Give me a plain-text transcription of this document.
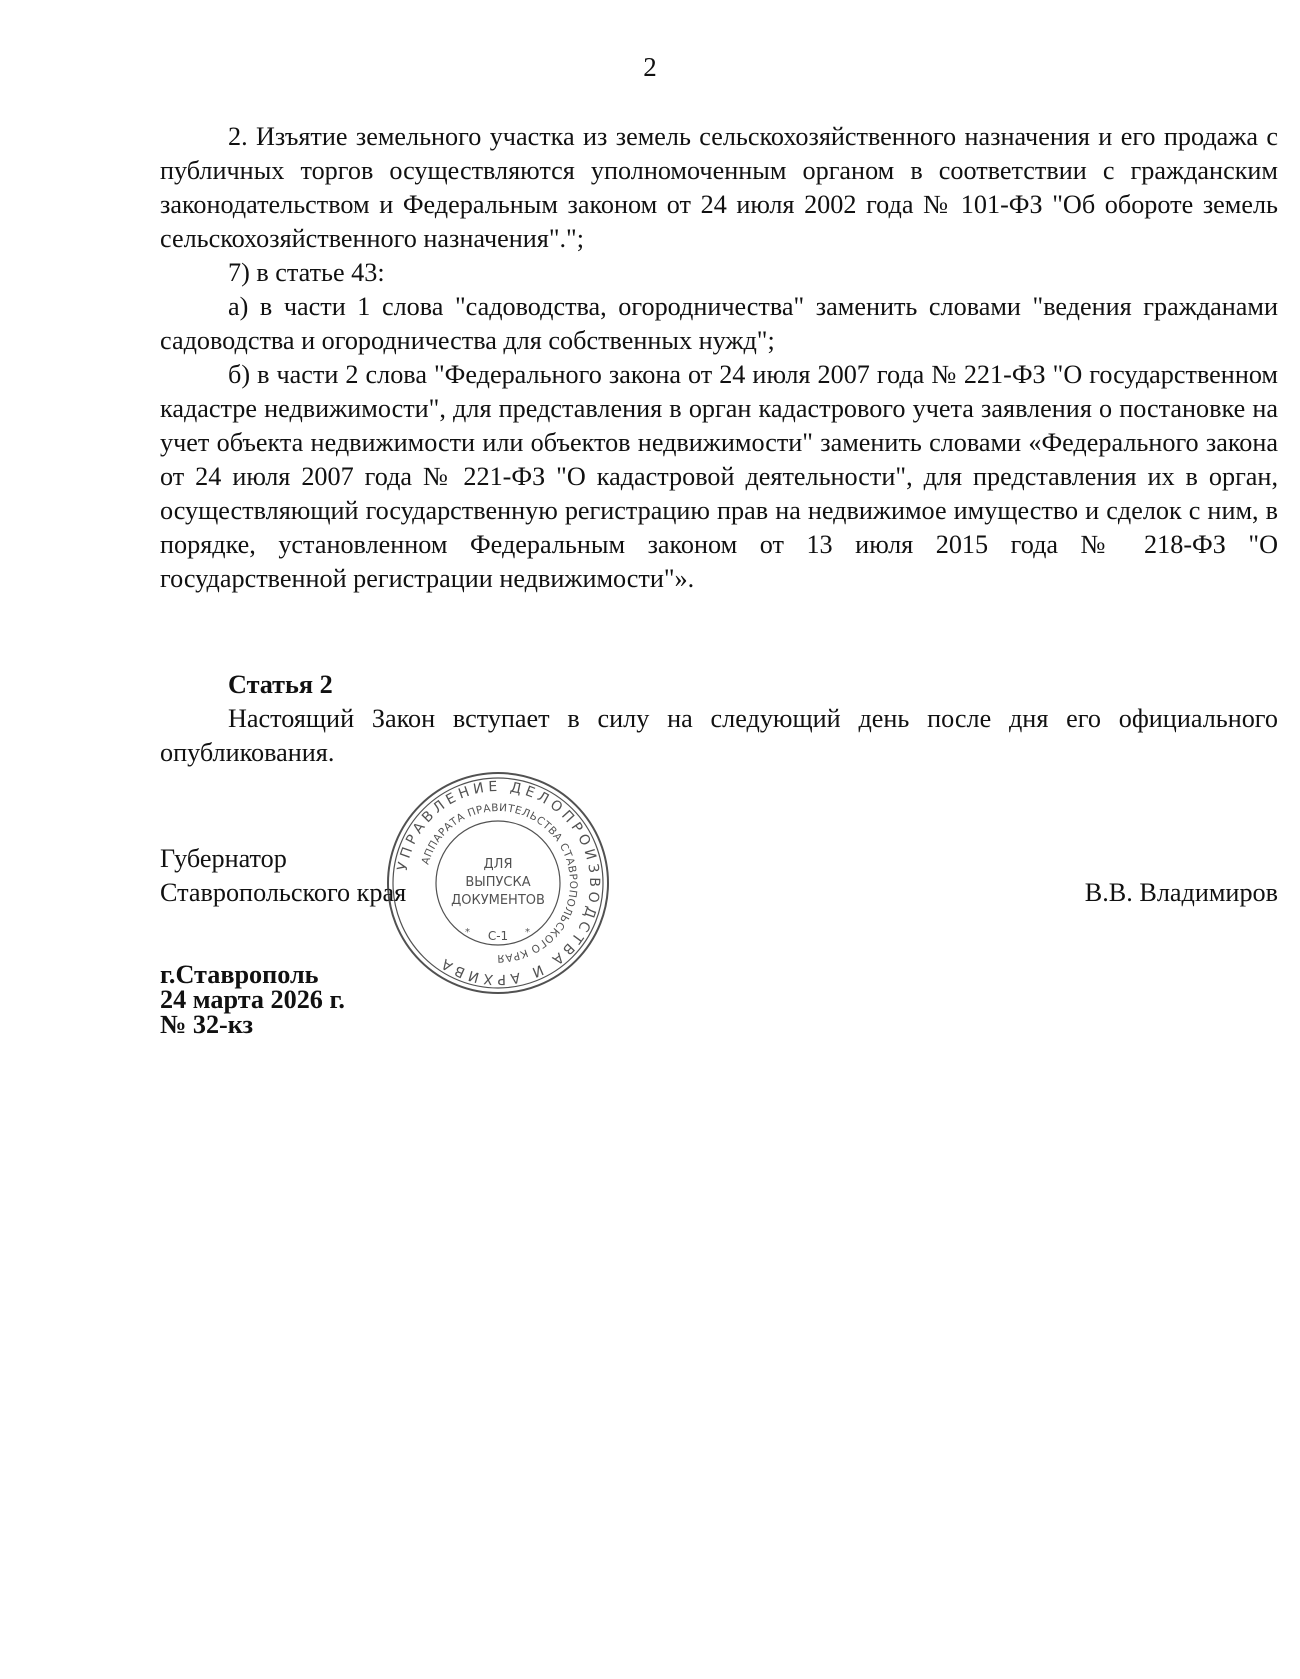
2

2. Изъятие земельного участка из земель сельскохозяйственного назначения и его продажа с публичных торгов осуществляются уполномоченным органом в соответствии с гражданским законодательством и Федеральным законом от 24 июля 2002 года № 101-ФЗ "Об обороте земель сельскохозяйственного назначения".";

7) в статье 43:

а) в части 1 слова "садоводства, огородничества" заменить словами "ведения гражданами садоводства и огородничества для собственных нужд";

б) в части 2 слова "Федерального закона от 24 июля 2007 года № 221-ФЗ "О государственном кадастре недвижимости", для представления в орган кадастрового учета заявления о постановке на учет объекта недвижимости или объектов недвижимости" заменить словами «Федерального закона от 24 июля 2007 года № 221-ФЗ "О кадастровой деятельности", для представления их в орган, осуществляющий государственную регистрацию прав на недвижимое имущество и сделок с ним, в порядке, установленном Федеральным законом от 13 июля 2015 года № 218-ФЗ "О государственной регистрации недвижимости"».

Статья 2

Настоящий Закон вступает в силу на следующий день после дня его официального опубликования.

Губернатор

Ставропольского края	В.В. Владимиров
г.Ставрополь
24 марта 2026 г.
№ 32-кз
УПРАВЛЕНИЕ ДЕЛОПРОИЗВОДСТВА И АРХИВА
АППАРАТА ПРАВИТЕЛЬСТВА СТАВРОПОЛЬСКОГО КРАЯ
ДЛЯ
ВЫПУСКА
ДОКУМЕНТОВ
С-1
*	*
